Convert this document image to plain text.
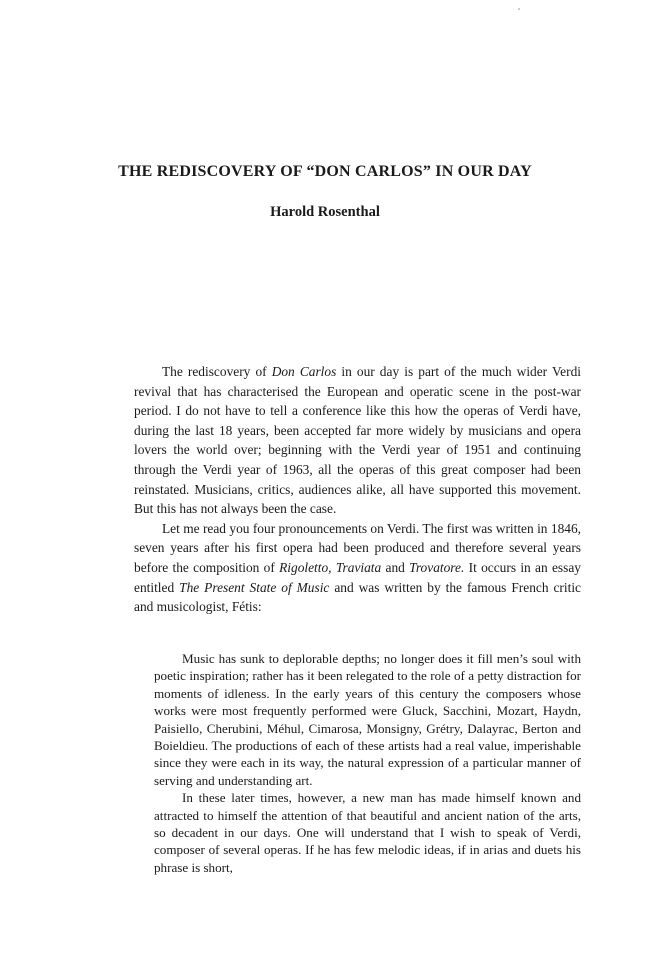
THE REDISCOVERY OF “DON CARLOS” IN OUR DAY
Harold Rosenthal

The rediscovery of Don Carlos in our day is part of the much wider Verdi revival that has characterised the European and operatic scene in the post-war period. I do not have to tell a conference like this how the operas of Verdi have, during the last 18 years, been accepted far more widely by musicians and opera lovers the world over; beginning with the Verdi year of 1951 and continuing through the Verdi year of 1963, all the operas of this great composer had been reinstated. Musicians, critics, audiences alike, all have supported this movement. But this has not always been the case.

Let me read you four pronouncements on Verdi. The first was written in 1846, seven years after his first opera had been produced and therefore several years before the composition of Rigoletto, Traviata and Trovatore. It occurs in an essay entitled The Present State of Music and was written by the famous French critic and musicologist, Fétis:

Music has sunk to deplorable depths; no longer does it fill men’s soul with poetic inspiration; rather has it been relegated to the role of a petty distraction for moments of idleness. In the early years of this century the composers whose works were most frequently performed were Gluck, Sacchini, Mozart, Haydn, Paisiello, Cherubini, Méhul, Cimarosa, Monsigny, Grétry, Dalayrac, Berton and Boieldieu. The productions of each of these artists had a real value, imperishable since they were each in its way, the natural expression of a particular manner of serving and understanding art.

In these later times, however, a new man has made himself known and attracted to himself the attention of that beautiful and ancient nation of the arts, so decadent in our days. One will understand that I wish to speak of Verdi, composer of several operas. If he has few melodic ideas, if in arias and duets his phrase is short,
